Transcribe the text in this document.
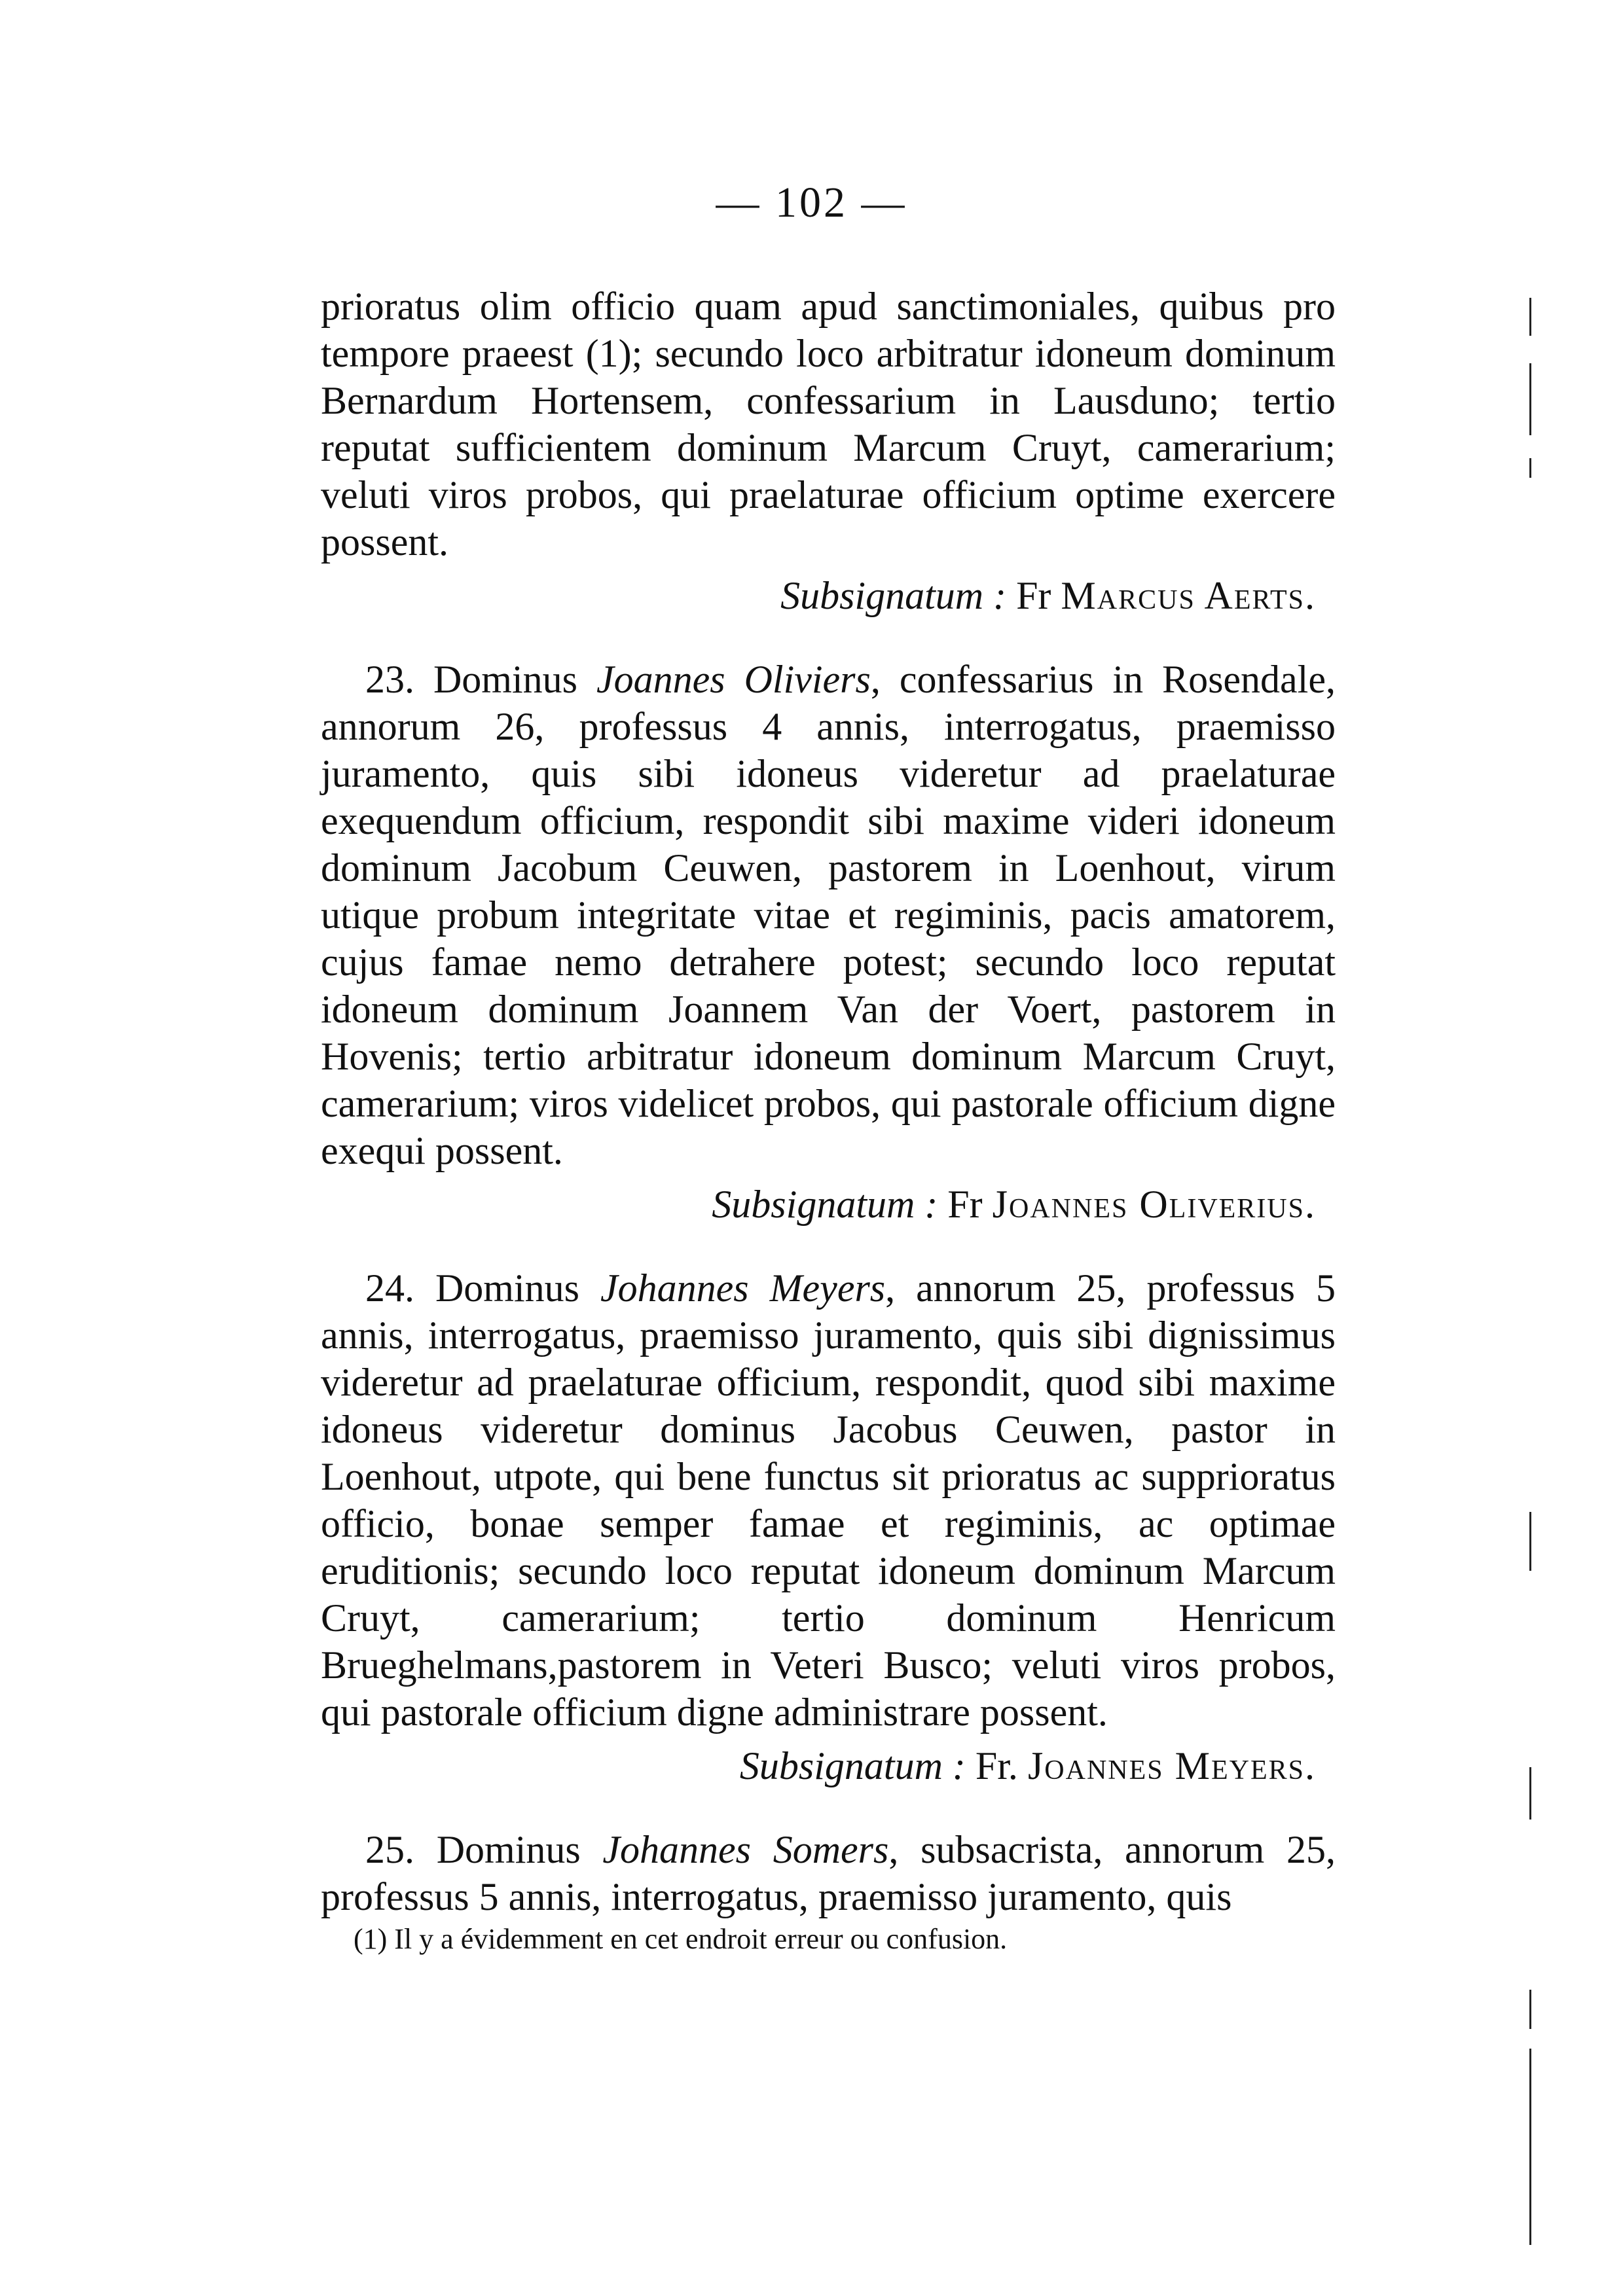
— 102 —

prioratus olim officio quam apud sanctimoniales, quibus pro tempore praeest (1); secundo loco arbitratur idoneum dominum Bernardum Hortensem, confessarium in Lausduno; tertio reputat sufficientem dominum Marcum Cruyt, camerarium; veluti viros probos, qui praelaturae officium optime exercere possent.

Subsignatum : Fr Marcus Aerts.

23. Dominus Joannes Oliviers, confessarius in Rosendale, annorum 26, professus 4 annis, interrogatus, praemisso juramento, quis sibi idoneus videretur ad praelaturae exequendum officium, respondit sibi maxime videri idoneum dominum Jacobum Ceuwen, pastorem in Loenhout, virum utique probum integritate vitae et regiminis, pacis amatorem, cujus famae nemo detrahere potest; secundo loco reputat idoneum dominum Joannem Van der Voert, pastorem in Hovenis; tertio arbitratur idoneum dominum Marcum Cruyt, camerarium; viros videlicet probos, qui pastorale officium digne exequi possent.

Subsignatum : Fr Joannes Oliverius.

24. Dominus Johannes Meyers, annorum 25, professus 5 annis, interrogatus, praemisso juramento, quis sibi dignissimus videretur ad praelaturae officium, respondit, quod sibi maxime idoneus videretur dominus Jacobus Ceuwen, pastor in Loenhout, utpote, qui bene functus sit prioratus ac supprioratus officio, bonae semper famae et regiminis, ac optimae eruditionis; secundo loco reputat idoneum dominum Marcum Cruyt, camerarium; tertio dominum Henricum Brueghelmans,pastorem in Veteri Busco; veluti viros probos, qui pastorale officium digne administrare possent.

Subsignatum : Fr. Joannes Meyers.

25. Dominus Johannes Somers, subsacrista, annorum 25, professus 5 annis, interrogatus, praemisso juramento, quis

(1) Il y a évidemment en cet endroit erreur ou confusion.
